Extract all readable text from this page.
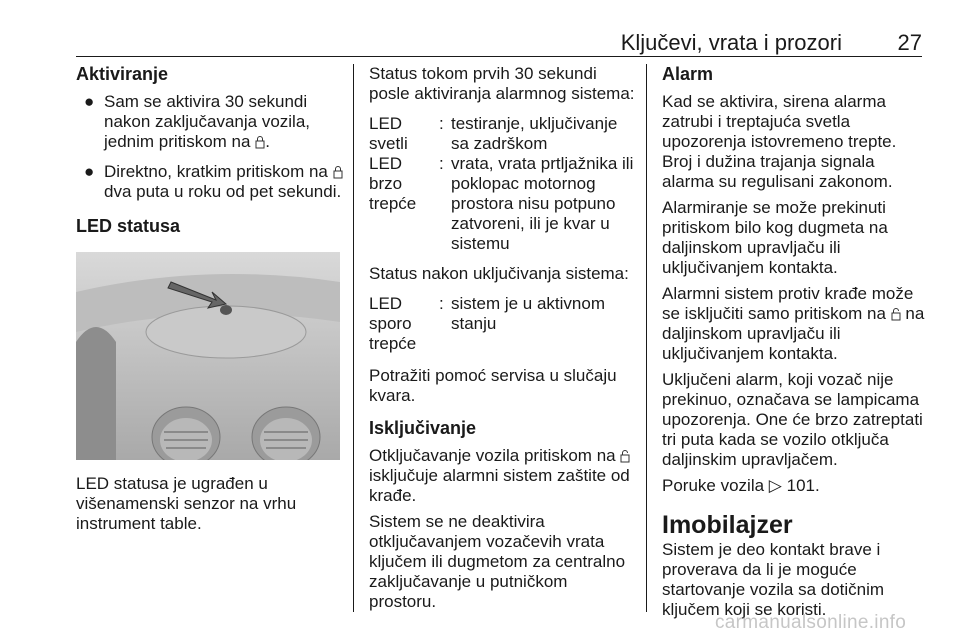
Ključevi, vrata i prozori	27
Aktiviranje
● Sam se aktivira 30 sekundi nakon zaključavanja vozila, jednim pritiskom na .
● Direktno, kratkim pritiskom na  dva puta u roku od pet sekundi.
LED statusa

LED statusa je ugrađen u višenamenski senzor na vrhu instrument table.

Status tokom prvih 30 sekundi posle aktiviranja alarmnog sistema:

LED svetli
: testiranje, uključivanje sa zadrškom
LED brzo trepće
: vrata, vrata prtljažnika ili poklopac motornog prostora nisu potpuno zatvoreni, ili je kvar u sistemu

Status nakon uključivanja sistema:

LED sporo trepće
: sistem je u aktivnom stanju

Potražiti pomoć servisa u slučaju kvara.

Isključivanje

Otključavanje vozila pritiskom na  isključuje alarmni sistem zaštite od krađe.

Sistem se ne deaktivira otključavanjem vozačevih vrata ključem ili dugmetom za centralno zaključavanje u putničkom prostoru.

Alarm

Kad se aktivira, sirena alarma zatrubi i treptajuća svetla upozorenja istovremeno trepte. Broj i dužina trajanja signala alarma su regulisani zakonom.

Alarmiranje se može prekinuti pritiskom bilo kog dugmeta na daljinskom upravljaču ili uključivanjem kontakta.

Alarmni sistem protiv krađe može se isključiti samo pritiskom na  na daljinskom upravljaču ili uključivanjem kontakta.

Uključeni alarm, koji vozač nije prekinuo, označava se lampicama upozorenja. One će brzo zatreptati tri puta kada se vozilo otključa daljinskim upravljačem.

Poruke vozila ▷ 101.

Imobilajzer

Sistem je deo kontakt brave i proverava da li je moguće startovanje vozila sa dotičnim ključem koji se koristi.

carmanualsonline.info
